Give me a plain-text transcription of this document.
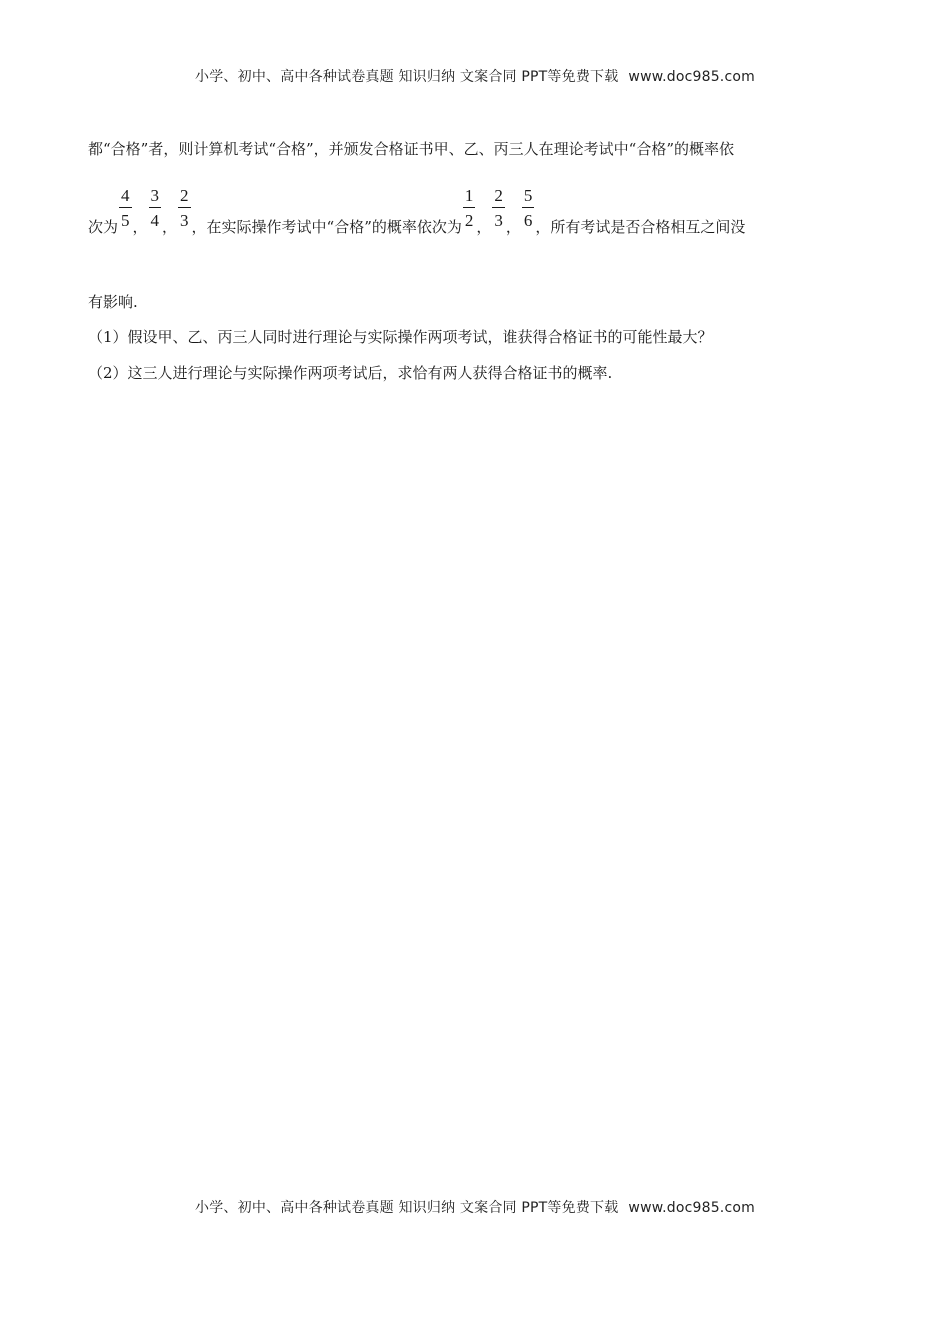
小学、初中、高中各种试卷真题 知识归纳 文案合同 PPT等免费下载 www.doc985.com
都“合格”者，则计算机考试“合格”，并颁发合格证书甲、乙、丙三人在理论考试中“合格”的概率依
次为 $\frac{4}{5}$ ， $\frac{3}{4}$ ， $\frac{2}{3}$ ，在实际操作考试中“合格”的概率依次为 $\frac{1}{2}$ ， $\frac{2}{3}$ ， $\frac{5}{6}$ ，所有考试是否合格相互之间没
有影响.
（1）假设甲、乙、丙三人同时进行理论与实际操作两项考试，谁获得合格证书的可能性最大？
（2）这三人进行理论与实际操作两项考试后，求恰有两人获得合格证书的概率.
小学、初中、高中各种试卷真题 知识归纳 文案合同 PPT等免费下载 www.doc985.com
